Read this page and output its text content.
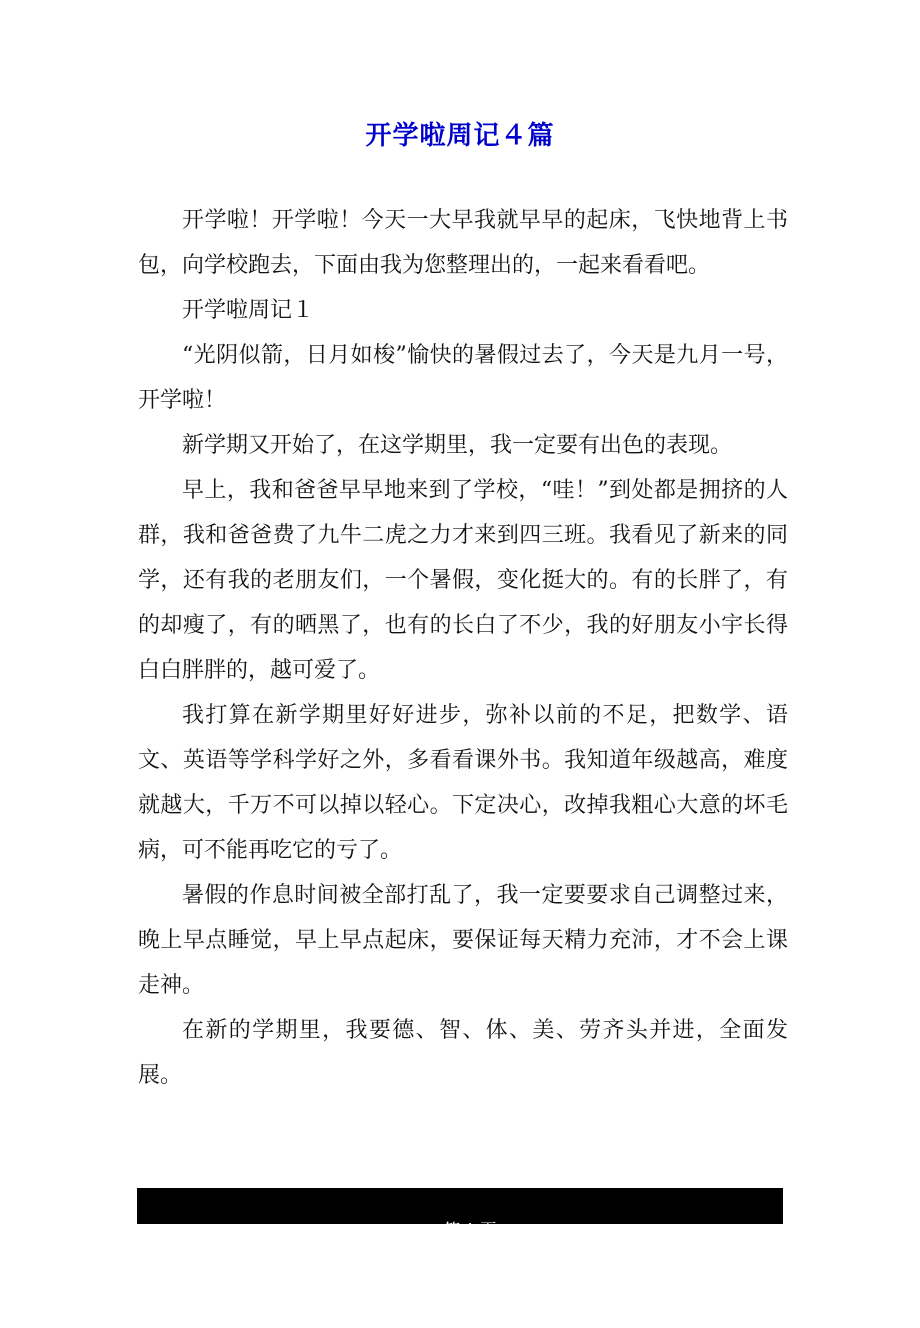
开学啦周记４篇

开学啦！开学啦！今天一大早我就早早的起床，飞快地背上书包，向学校跑去，下面由我为您整理出的，一起来看看吧。

开学啦周记１

“光阴似箭，日月如梭”愉快的暑假过去了，今天是九月一号，开学啦！

新学期又开始了，在这学期里，我一定要有出色的表现。

早上，我和爸爸早早地来到了学校，“哇！”到处都是拥挤的人群，我和爸爸费了九牛二虎之力才来到四三班。我看见了新来的同学，还有我的老朋友们，一个暑假，变化挺大的。有的长胖了，有的却瘦了，有的晒黑了，也有的长白了不少，我的好朋友小宇长得白白胖胖的，越可爱了。

我打算在新学期里好好进步，弥补以前的不足，把数学、语文、英语等学科学好之外，多看看课外书。我知道年级越高，难度就越大，千万不可以掉以轻心。下定决心，改掉我粗心大意的坏毛病，可不能再吃它的亏了。

暑假的作息时间被全部打乱了，我一定要要求自己调整过来，晚上早点睡觉，早上早点起床，要保证每天精力充沛，才不会上课走神。

在新的学期里，我要德、智、体、美、劳齐头并进，全面发展。

第 1 页
/
总页数 4  页
